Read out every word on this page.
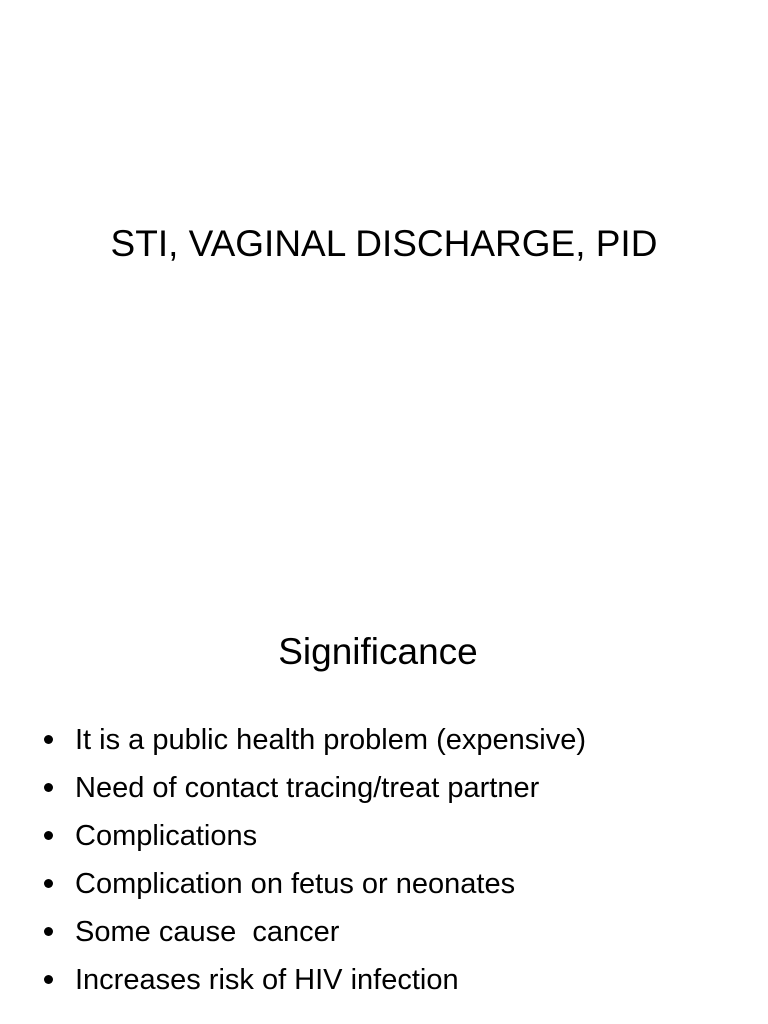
STI, VAGINAL DISCHARGE, PID
Significance
It is a public health problem (expensive)
Need of contact tracing/treat partner
Complications
Complication on fetus or neonates
Some cause  cancer
Increases risk of HIV infection
